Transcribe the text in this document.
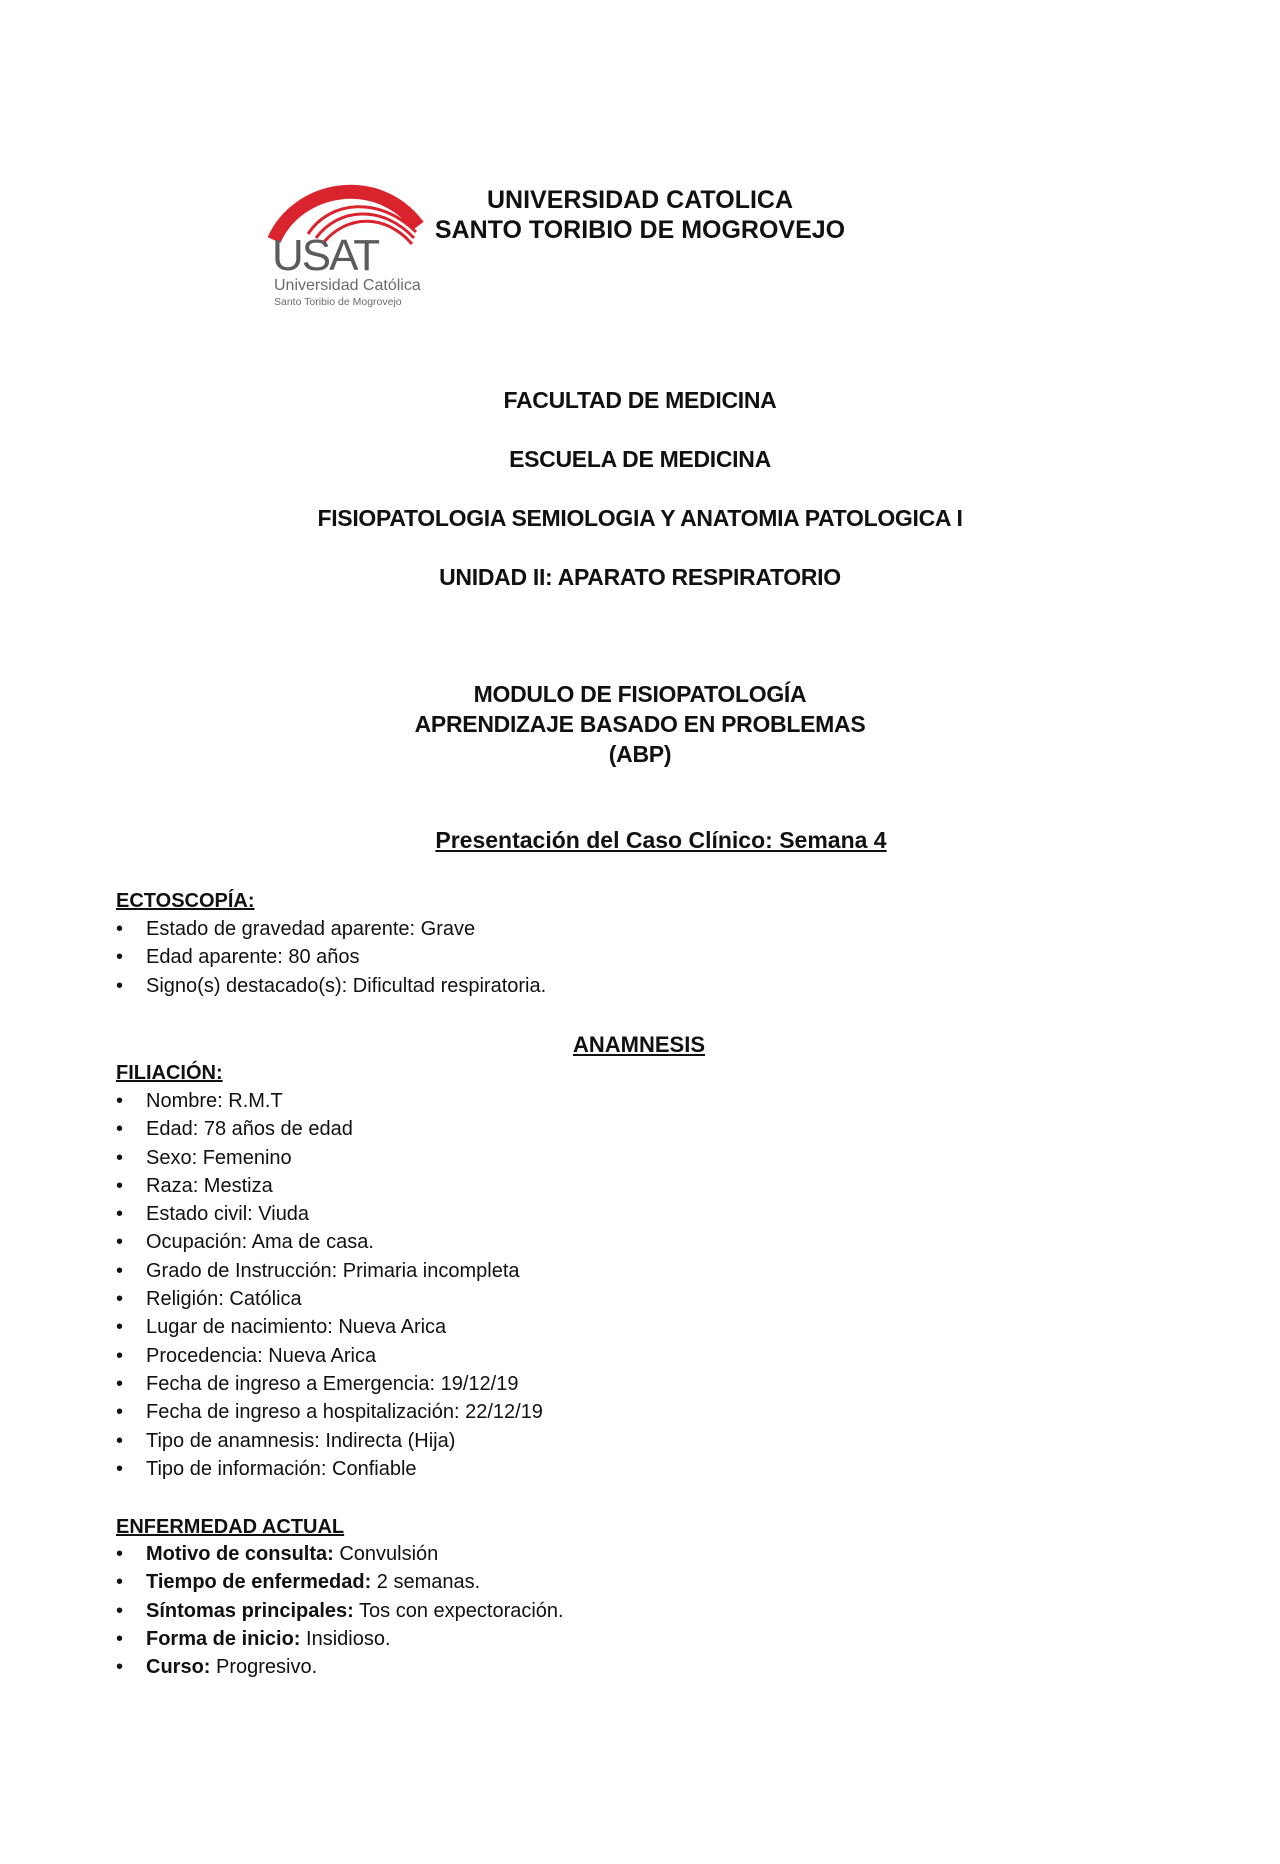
USAT
Universidad Católica
Santo Toribio de Mogrovejo
UNIVERSIDAD CATOLICA
SANTO TORIBIO DE MOGROVEJO
FACULTAD DE MEDICINA
ESCUELA DE MEDICINA
FISIOPATOLOGIA SEMIOLOGIA Y ANATOMIA PATOLOGICA I
UNIDAD II: APARATO RESPIRATORIO
MODULO DE FISIOPATOLOGÍA
APRENDIZAJE BASADO EN PROBLEMAS
(ABP)
Presentación del Caso Clínico: Semana 4
ECTOSCOPÍA:
• Estado de gravedad aparente: Grave
• Edad aparente: 80 años
• Signo(s) destacado(s): Dificultad respiratoria.
ANAMNESIS
FILIACIÓN:
• Nombre: R.M.T
• Edad: 78 años de edad
• Sexo: Femenino
• Raza: Mestiza
• Estado civil: Viuda
• Ocupación: Ama de casa.
• Grado de Instrucción: Primaria incompleta
• Religión: Católica
• Lugar de nacimiento: Nueva Arica
• Procedencia: Nueva Arica
• Fecha de ingreso a Emergencia: 19/12/19
• Fecha de ingreso a hospitalización: 22/12/19
• Tipo de anamnesis: Indirecta (Hija)
• Tipo de información: Confiable
ENFERMEDAD ACTUAL
• Motivo de consulta: Convulsión
• Tiempo de enfermedad: 2 semanas.
• Síntomas principales: Tos con expectoración.
• Forma de inicio: Insidioso.
• Curso: Progresivo.
